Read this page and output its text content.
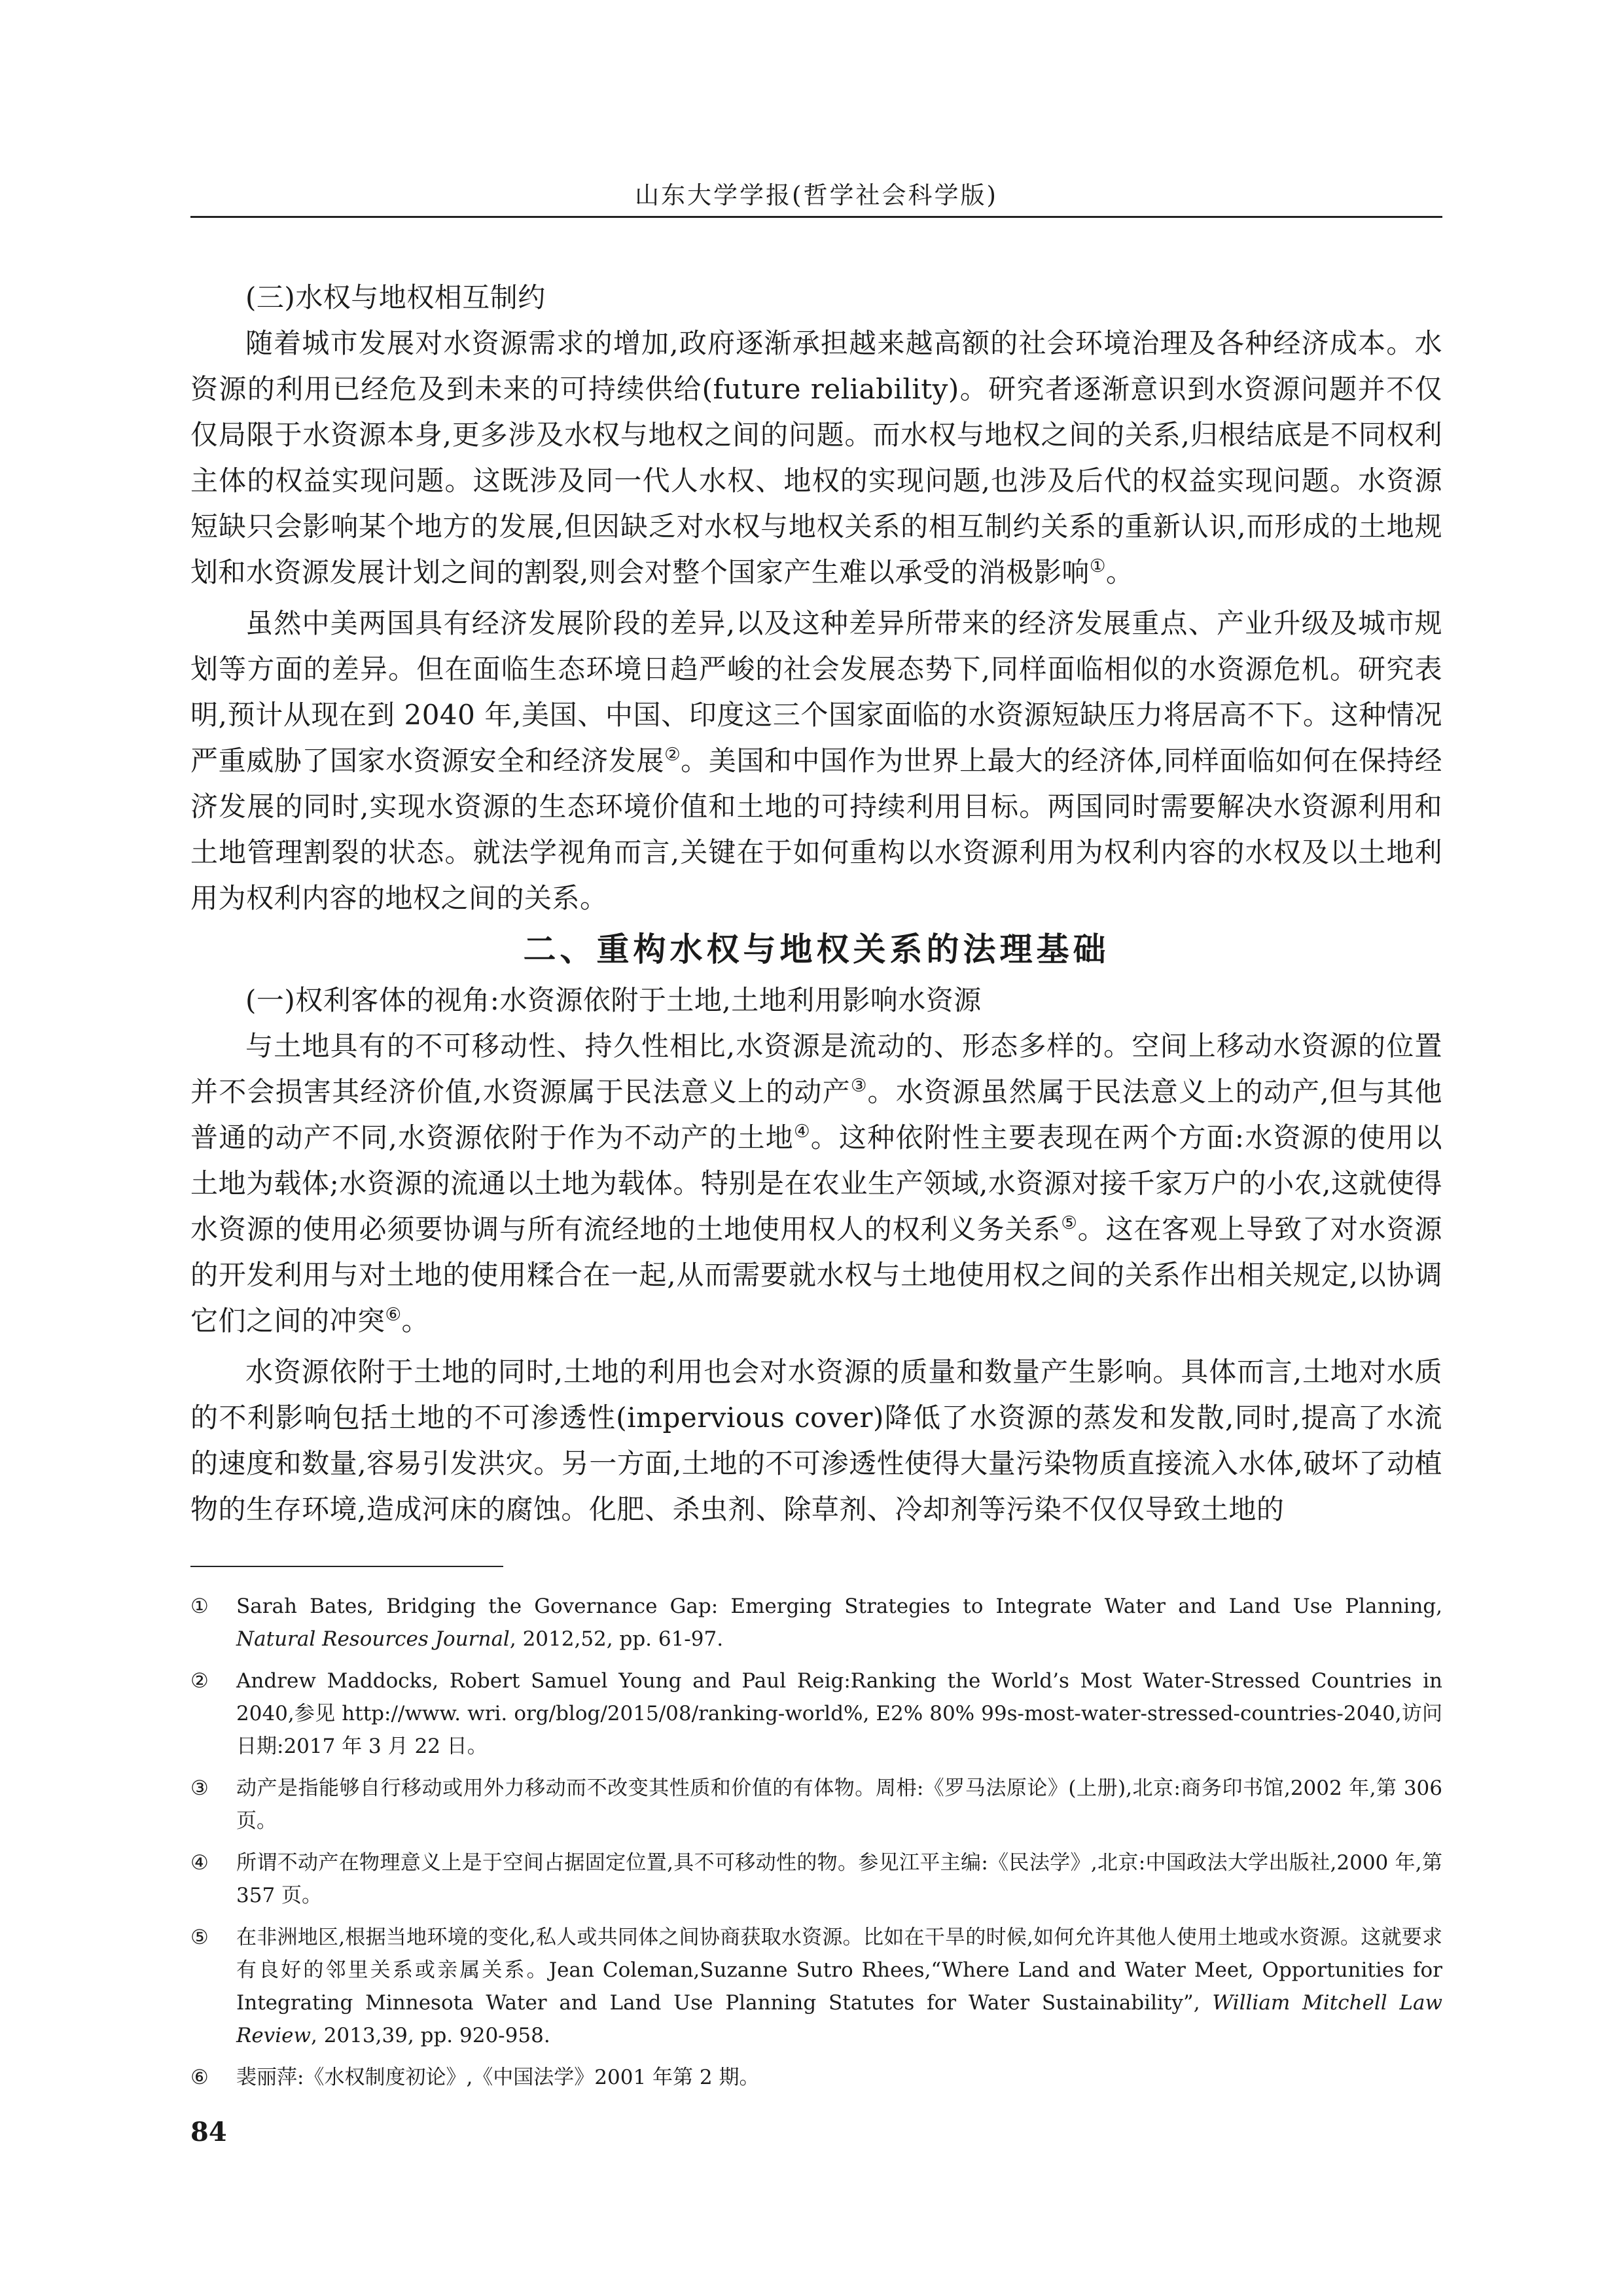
山东大学学报(哲学社会科学版)

(三)水权与地权相互制约

随着城市发展对水资源需求的增加,政府逐渐承担越来越高额的社会环境治理及各种经济成本。水资源的利用已经危及到未来的可持续供给(future reliability)。研究者逐渐意识到水资源问题并不仅仅局限于水资源本身,更多涉及水权与地权之间的问题。而水权与地权之间的关系,归根结底是不同权利主体的权益实现问题。这既涉及同一代人水权、地权的实现问题,也涉及后代的权益实现问题。水资源短缺只会影响某个地方的发展,但因缺乏对水权与地权关系的相互制约关系的重新认识,而形成的土地规划和水资源发展计划之间的割裂,则会对整个国家产生难以承受的消极影响①。

虽然中美两国具有经济发展阶段的差异,以及这种差异所带来的经济发展重点、产业升级及城市规划等方面的差异。但在面临生态环境日趋严峻的社会发展态势下,同样面临相似的水资源危机。研究表明,预计从现在到 2040 年,美国、中国、印度这三个国家面临的水资源短缺压力将居高不下。这种情况严重威胁了国家水资源安全和经济发展②。美国和中国作为世界上最大的经济体,同样面临如何在保持经济发展的同时,实现水资源的生态环境价值和土地的可持续利用目标。两国同时需要解决水资源利用和土地管理割裂的状态。就法学视角而言,关键在于如何重构以水资源利用为权利内容的水权及以土地利用为权利内容的地权之间的关系。

二、重构水权与地权关系的法理基础

(一)权利客体的视角:水资源依附于土地,土地利用影响水资源

与土地具有的不可移动性、持久性相比,水资源是流动的、形态多样的。空间上移动水资源的位置并不会损害其经济价值,水资源属于民法意义上的动产③。水资源虽然属于民法意义上的动产,但与其他普通的动产不同,水资源依附于作为不动产的土地④。这种依附性主要表现在两个方面:水资源的使用以土地为载体;水资源的流通以土地为载体。特别是在农业生产领域,水资源对接千家万户的小农,这就使得水资源的使用必须要协调与所有流经地的土地使用权人的权利义务关系⑤。这在客观上导致了对水资源的开发利用与对土地的使用糅合在一起,从而需要就水权与土地使用权之间的关系作出相关规定,以协调它们之间的冲突⑥。

水资源依附于土地的同时,土地的利用也会对水资源的质量和数量产生影响。具体而言,土地对水质的不利影响包括土地的不可渗透性(impervious cover)降低了水资源的蒸发和发散,同时,提高了水流的速度和数量,容易引发洪灾。另一方面,土地的不可渗透性使得大量污染物质直接流入水体,破坏了动植物的生存环境,造成河床的腐蚀。化肥、杀虫剂、除草剂、冷却剂等污染不仅仅导致土地的

①	Sarah Bates, Bridging the Governance Gap: Emerging Strategies to Integrate Water and Land Use Planning, Natural Resources Journal, 2012,52, pp. 61-97.
②	Andrew Maddocks, Robert Samuel Young and Paul Reig:Ranking the World’s Most Water-Stressed Countries in 2040,参见 http://www. wri. org/blog/2015/08/ranking-world%, E2% 80% 99s-most-water-stressed-countries-2040,访问日期:2017 年 3 月 22 日。
③	动产是指能够自行移动或用外力移动而不改变其性质和价值的有体物。周枏:《罗马法原论》(上册),北京:商务印书馆,2002 年,第 306 页。
④	所谓不动产在物理意义上是于空间占据固定位置,具不可移动性的物。参见江平主编:《民法学》,北京:中国政法大学出版社,2000 年,第 357 页。
⑤	在非洲地区,根据当地环境的变化,私人或共同体之间协商获取水资源。比如在干旱的时候,如何允许其他人使用土地或水资源。这就要求有良好的邻里关系或亲属关系。Jean Coleman,Suzanne Sutro Rhees,“Where Land and Water Meet, Opportunities for Integrating Minnesota Water and Land Use Planning Statutes for Water Sustainability”, William Mitchell Law Review, 2013,39, pp. 920-958.
⑥	裴丽萍:《水权制度初论》,《中国法学》2001 年第 2 期。
84
